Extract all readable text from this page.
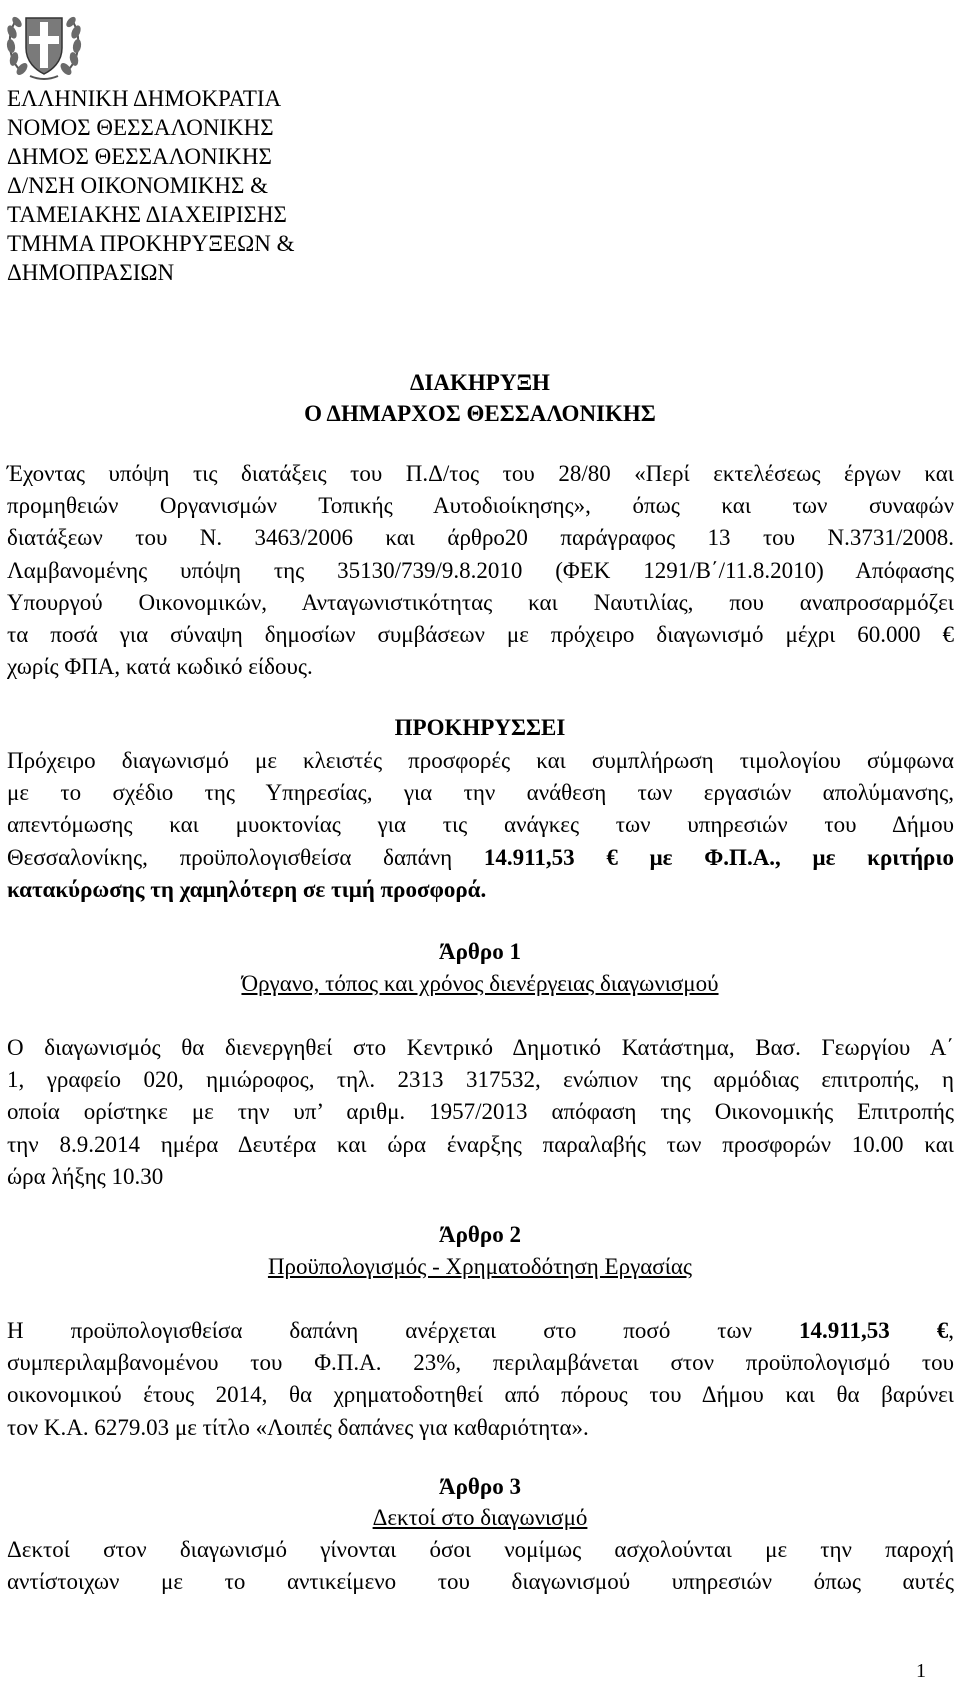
ΕΛΛΗΝΙΚΗ ΔΗΜΟΚΡΑΤΙΑ
ΝΟΜΟΣ ΘΕΣΣΑΛΟΝΙΚΗΣ
ΔΗΜΟΣ ΘΕΣΣΑΛΟΝΙΚΗΣ
Δ/ΝΣΗ ΟΙΚΟΝΟΜΙΚΗΣ &
ΤΑΜΕΙΑΚΗΣ ΔΙΑΧΕΙΡΙΣΗΣ
ΤΜΗΜΑ ΠΡΟΚΗΡΥΞΕΩΝ &
ΔΗΜΟΠΡΑΣΙΩΝ
ΔΙΑΚΗΡΥΞΗ
Ο ΔΗΜΑΡΧΟΣ ΘΕΣΣΑΛΟΝΙΚΗΣ
Έχοντας υπόψη τις διατάξεις του Π.Δ/τος του 28/80 «Περί εκτελέσεως έργων και
προμηθειών Οργανισμών Τοπικής Αυτοδιοίκησης», όπως και των συναφών
διατάξεων του Ν. 3463/2006 και άρθρο20 παράγραφος 13 του Ν.3731/2008.
Λαμβανομένης υπόψη της 35130/739/9.8.2010 (ΦΕΚ 1291/Β΄/11.8.2010) Απόφασης
Υπουργού Οικονομικών, Ανταγωνιστικότητας και Ναυτιλίας, που αναπροσαρμόζει
τα ποσά για σύναψη δημοσίων συμβάσεων με πρόχειρο διαγωνισμό μέχρι 60.000 €
χωρίς ΦΠΑ, κατά κωδικό είδους.
ΠΡΟΚΗΡΥΣΣΕΙ
Πρόχειρο διαγωνισμό με κλειστές προσφορές και συμπλήρωση τιμολογίου σύμφωνα
με το σχέδιο της Υπηρεσίας, για την ανάθεση των εργασιών απολύμανσης,
απεντόμωσης και μυοκτονίας για τις ανάγκες των υπηρεσιών του Δήμου
Θεσσαλονίκης, προϋπολογισθείσα δαπάνη 14.911,53 € με Φ.Π.Α., με κριτήριο
κατακύρωσης τη χαμηλότερη σε τιμή προσφορά.
Άρθρο 1
Όργανο, τόπος και χρόνος διενέργειας διαγωνισμού
Ο διαγωνισμός θα διενεργηθεί στο Κεντρικό Δημοτικό Κατάστημα, Βασ. Γεωργίου Α΄
1, γραφείο 020, ημιώροφος, τηλ. 2313 317532, ενώπιον της αρμόδιας επιτροπής, η
οποία ορίστηκε με την υπ’ αριθμ. 1957/2013 απόφαση της Οικονομικής Επιτροπής
την 8.9.2014 ημέρα Δευτέρα και ώρα έναρξης παραλαβής των προσφορών 10.00 και
ώρα λήξης 10.30
Άρθρο 2
Προϋπολογισμός - Χρηματοδότηση Εργασίας
Η προϋπολογισθείσα δαπάνη ανέρχεται στο ποσό των 14.911,53 €,
συμπεριλαμβανομένου του Φ.Π.Α. 23%, περιλαμβάνεται στον προϋπολογισμό του
οικονομικού έτους 2014, θα χρηματοδοτηθεί από πόρους του Δήμου και θα βαρύνει
τον Κ.Α. 6279.03 με τίτλο «Λοιπές δαπάνες για καθαριότητα».
Άρθρο 3
Δεκτοί στο διαγωνισμό
Δεκτοί στον διαγωνισμό γίνονται όσοι νομίμως ασχολούνται με την παροχή
αντίστοιχων με το αντικείμενο του διαγωνισμού υπηρεσιών όπως αυτές
1
